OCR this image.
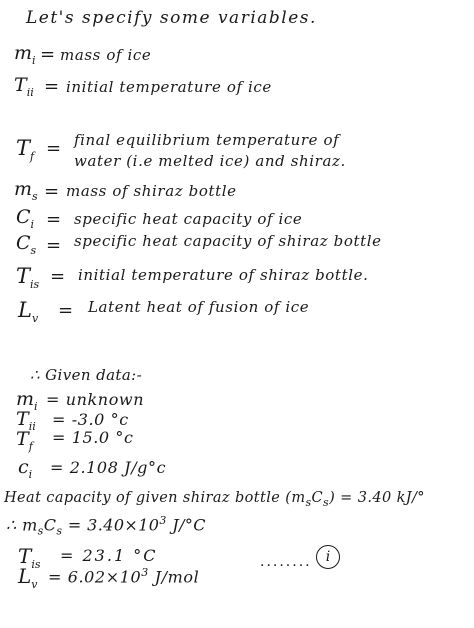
Let's specify some variables.
$m_i$ = mass of ice
$T_{ii}$ = initial temperature of ice
$T_f$ = final equilibrium temperature of
water (i.e melted ice) and shiraz.
$m_s$ = mass of shiraz bottle
$C_i$ = specific heat capacity of ice
$C_s$ = specific heat capacity of shiraz bottle
$T_{is}$ = initial temperature of shiraz bottle.
$L_v$ = Latent heat of fusion of ice
∴ Given data:-
$m_i$ = unknown
$T_{ii} = -3.0$ °c
$T_f = 15.0$ °c
$c_i = 2.108$ J/g°c
Heat capacity of given shiraz bottle $(m_sC_s) = 3.40$ kJ/°
∴ $m_sC_s = 3.40\times 10^3$ J/°C
$T_{is} = 23.1$ °C
$L_v = 6.02\times 10^3$ J/mol
........	i
